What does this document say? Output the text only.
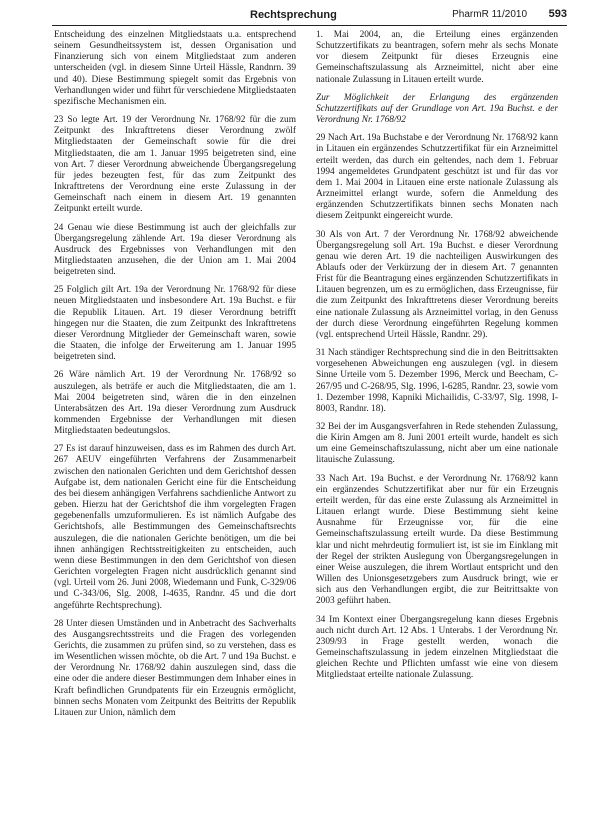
Rechtsprechung	PharmR 11/2010 593

Entscheidung des einzelnen Mitgliedstaats u.a. entsprechend seinem Gesundheitssystem ist, dessen Organisation und Finanzierung sich von einem Mitgliedstaat zum anderen unterscheiden (vgl. in diesem Sinne Urteil Hässle, Randnrn. 39 und 40). Diese Bestimmung spiegelt somit das Ergebnis von Verhandlungen wider und führt für verschiedene Mitgliedstaaten spezifische Mechanismen ein.

23 So legte Art. 19 der Verordnung Nr. 1768/92 für die zum Zeitpunkt des Inkrafttretens dieser Verordnung zwölf Mitgliedstaaten der Gemeinschaft sowie für die drei Mitgliedstaaten, die am 1. Januar 1995 beigetreten sind, eine von Art. 7 dieser Verordnung abweichende Übergangsregelung für jedes bezeugten fest, für das zum Zeitpunkt des Inkrafttretens der Verordnung eine erste Zulassung in der Gemeinschaft nach einem in diesem Art. 19 genannten Zeitpunkt erteilt wurde.

24 Genau wie diese Bestimmung ist auch der gleichfalls zur Übergangsregelung zählende Art. 19a dieser Verordnung als Ausdruck des Ergebnisses von Verhandlungen mit den Mitgliedstaaten anzusehen, die der Union am 1. Mai 2004 beigetreten sind.

25 Folglich gilt Art. 19a der Verordnung Nr. 1768/92 für diese neuen Mitgliedstaaten und insbesondere Art. 19a Buchst. e für die Republik Litauen. Art. 19 dieser Verordnung betrifft hingegen nur die Staaten, die zum Zeitpunkt des Inkrafttretens dieser Verordnung Mitglieder der Gemeinschaft waren, sowie die Staaten, die infolge der Erweiterung am 1. Januar 1995 beigetreten sind.

26 Wäre nämlich Art. 19 der Verordnung Nr. 1768/92 so auszulegen, als beträfe er auch die Mitgliedstaaten, die am 1. Mai 2004 beigetreten sind, wären die in den einzelnen Unterabsätzen des Art. 19a dieser Verordnung zum Ausdruck kommenden Ergebnisse der Verhandlungen mit diesen Mitgliedstaaten bedeutungslos.

27 Es ist darauf hinzuweisen, dass es im Rahmen des durch Art. 267 AEUV eingeführten Verfahrens der Zusammenarbeit zwischen den nationalen Gerichten und dem Gerichtshof dessen Aufgabe ist, dem nationalen Gericht eine für die Entscheidung des bei diesem anhängigen Verfahrens sachdienliche Antwort zu geben. Hierzu hat der Gerichtshof die ihm vorgelegten Fragen gegebenenfalls umzuformulieren. Es ist nämlich Aufgabe des Gerichtshofs, alle Bestimmungen des Gemeinschaftsrechts auszulegen, die die nationalen Gerichte benötigen, um die bei ihnen anhängigen Rechtsstreitigkeiten zu entscheiden, auch wenn diese Bestimmungen in den dem Gerichtshof von diesen Gerichten vorgelegten Fragen nicht ausdrücklich genannt sind (vgl. Urteil vom 26. Juni 2008, Wiedemann und Funk, C-329/06 und C-343/06, Slg. 2008, I-4635, Randnr. 45 und die dort angeführte Rechtsprechung).

28 Unter diesen Umständen und in Anbetracht des Sachverhalts des Ausgangsrechtsstreits und die Fragen des vorlegenden Gerichts, die zusammen zu prüfen sind, so zu verstehen, dass es im Wesentlichen wissen möchte, ob die Art. 7 und 19a Buchst. e der Verordnung Nr. 1768/92 dahin auszulegen sind, dass die eine oder die andere dieser Bestimmungen dem Inhaber eines in Kraft befindlichen Grundpatents für ein Erzeugnis ermöglicht, binnen sechs Monaten vom Zeitpunkt des Beitritts der Republik Litauen zur Union, nämlich dem

1. Mai 2004, an, die Erteilung eines ergänzenden Schutzzertifikats zu beantragen, sofern mehr als sechs Monate vor diesem Zeitpunkt für dieses Erzeugnis eine Gemeinschaftszulassung als Arzneimittel, nicht aber eine nationale Zulassung in Litauen erteilt wurde.

Zur Möglichkeit der Erlangung des ergänzenden Schutzzertifikats auf der Grundlage von Art. 19a Buchst. e der Verordnung Nr. 1768/92

29 Nach Art. 19a Buchstabe e der Verordnung Nr. 1768/92 kann in Litauen ein ergänzendes Schutzzertifikat für ein Arzneimittel erteilt werden, das durch ein geltendes, nach dem 1. Februar 1994 angemeldetes Grundpatent geschützt ist und für das vor dem 1. Mai 2004 in Litauen eine erste nationale Zulassung als Arzneimittel erlangt wurde, sofern die Anmeldung des ergänzenden Schutzzertifikats binnen sechs Monaten nach diesem Zeitpunkt eingereicht wurde.

30 Als von Art. 7 der Verordnung Nr. 1768/92 abweichende Übergangsregelung soll Art. 19a Buchst. e dieser Verordnung genau wie deren Art. 19 die nachteiligen Auswirkungen des Ablaufs oder der Verkürzung der in diesem Art. 7 genannten Frist für die Beantragung eines ergänzenden Schutzzertifikats in Litauen begrenzen, um es zu ermöglichen, dass Erzeugnisse, für die zum Zeitpunkt des Inkrafttretens dieser Verordnung bereits eine nationale Zulassung als Arzneimittel vorlag, in den Genuss der durch diese Verordnung eingeführten Regelung kommen (vgl. entsprechend Urteil Hässle, Randnr. 29).

31 Nach ständiger Rechtsprechung sind die in den Beitrittsakten vorgesehenen Abweichungen eng auszulegen (vgl. in diesem Sinne Urteile vom 5. Dezember 1996, Merck und Beecham, C-267/95 und C-268/95, Slg. 1996, I-6285, Randnr. 23, sowie vom 1. Dezember 1998, Kapniki Michailidis, C-33/97, Slg. 1998, I-8003, Randnr. 18).

32 Bei der im Ausgangsverfahren in Rede stehenden Zulassung, die Kirin Amgen am 8. Juni 2001 erteilt wurde, handelt es sich um eine Gemeinschaftszulassung, nicht aber um eine nationale litauische Zulassung.

33 Nach Art. 19a Buchst. e der Verordnung Nr. 1768/92 kann ein ergänzendes Schutzzertifikat aber nur für ein Erzeugnis erteilt werden, für das eine erste Zulassung als Arzneimittel in Litauen erlangt wurde. Diese Bestimmung sieht keine Ausnahme für Erzeugnisse vor, für die eine Gemeinschaftszulassung erteilt wurde. Da diese Bestimmung klar und nicht mehrdeutig formuliert ist, ist sie im Einklang mit der Regel der strikten Auslegung von Übergangsregelungen in einer Weise auszulegen, die ihrem Wortlaut entspricht und den Willen des Unionsgesetzgebers zum Ausdruck bringt, wie er sich aus den Verhandlungen ergibt, die zur Beitrittsakte von 2003 geführt haben.

34 Im Kontext einer Übergangsregelung kann dieses Ergebnis auch nicht durch Art. 12 Abs. 1 Unterabs. 1 der Verordnung Nr. 2309/93 in Frage gestellt werden, wonach die Gemeinschaftszulassung in jedem einzelnen Mitgliedstaat die gleichen Rechte und Pflichten umfasst wie eine von diesem Mitgliedstaat erteilte nationale Zulassung.
